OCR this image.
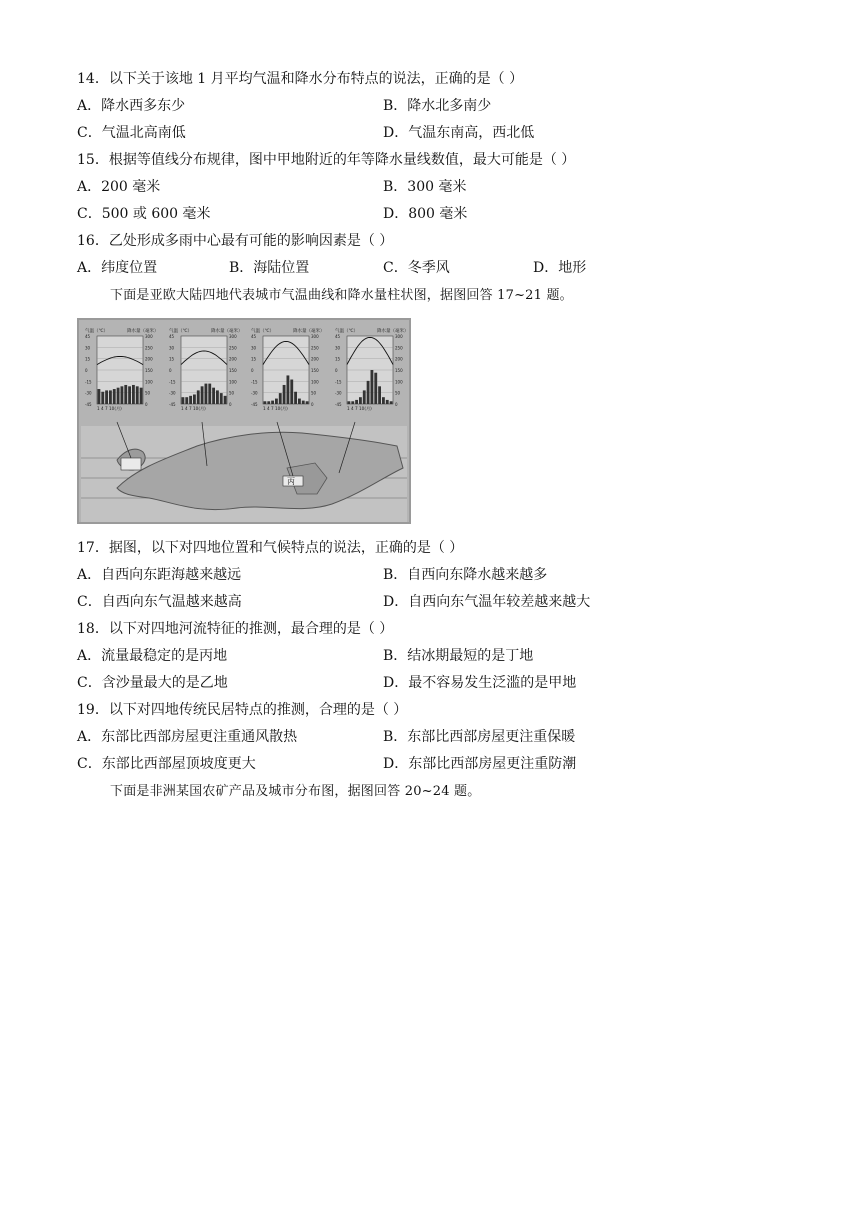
14．以下关于该地 1 月平均气温和降水分布特点的说法，正确的是（ ）
A．降水西多东少	B．降水北多南少
C．气温北高南低	D．气温东南高，西北低
15．根据等值线分布规律，图中甲地附近的年等降水量线数值，最大可能是（ ）
A．200 毫米	B．300 毫米
C．500 或 600 毫米	D．800 毫米
16．乙处形成多雨中心最有可能的影响因素是（ ）
A．纬度位置	B．海陆位置	C．冬季风	D．地形
下面是亚欧大陆四地代表城市气温曲线和降水量柱状图，据图回答 17~21 题。
丙
气温（℃）	降水量（毫米）
45
30
15
0
-15
-30
-45
300
250
200
150
100
50
0
1 4 7 10(月)
气温（℃）	降水量（毫米）
45
30
15
0
-15
-30
-45
300
250
200
150
100
50
0
1 4 7 10(月)
气温（℃）	降水量（毫米）
45
30
15
0
-15
-30
-45
300
250
200
150
100
50
0
1 4 7 10(月)
气温（℃）	降水量（毫米）
45
30
15
0
-15
-30
-45
300
250
200
150
100
50
0
1 4 7 10(月)
17．据图，以下对四地位置和气候特点的说法，正确的是（ ）
A．自西向东距海越来越远	B．自西向东降水越来越多
C．自西向东气温越来越高	D．自西向东气温年较差越来越大
18．以下对四地河流特征的推测，最合理的是（ ）
A．流量最稳定的是丙地	B．结冰期最短的是丁地
C．含沙量最大的是乙地	D．最不容易发生泛滥的是甲地
19．以下对四地传统民居特点的推测，合理的是（ ）
A．东部比西部房屋更注重通风散热	B．东部比西部房屋更注重保暖
C．东部比西部屋顶坡度更大	D．东部比西部房屋更注重防潮
下面是非洲某国农矿产品及城市分布图，据图回答 20~24 题。
